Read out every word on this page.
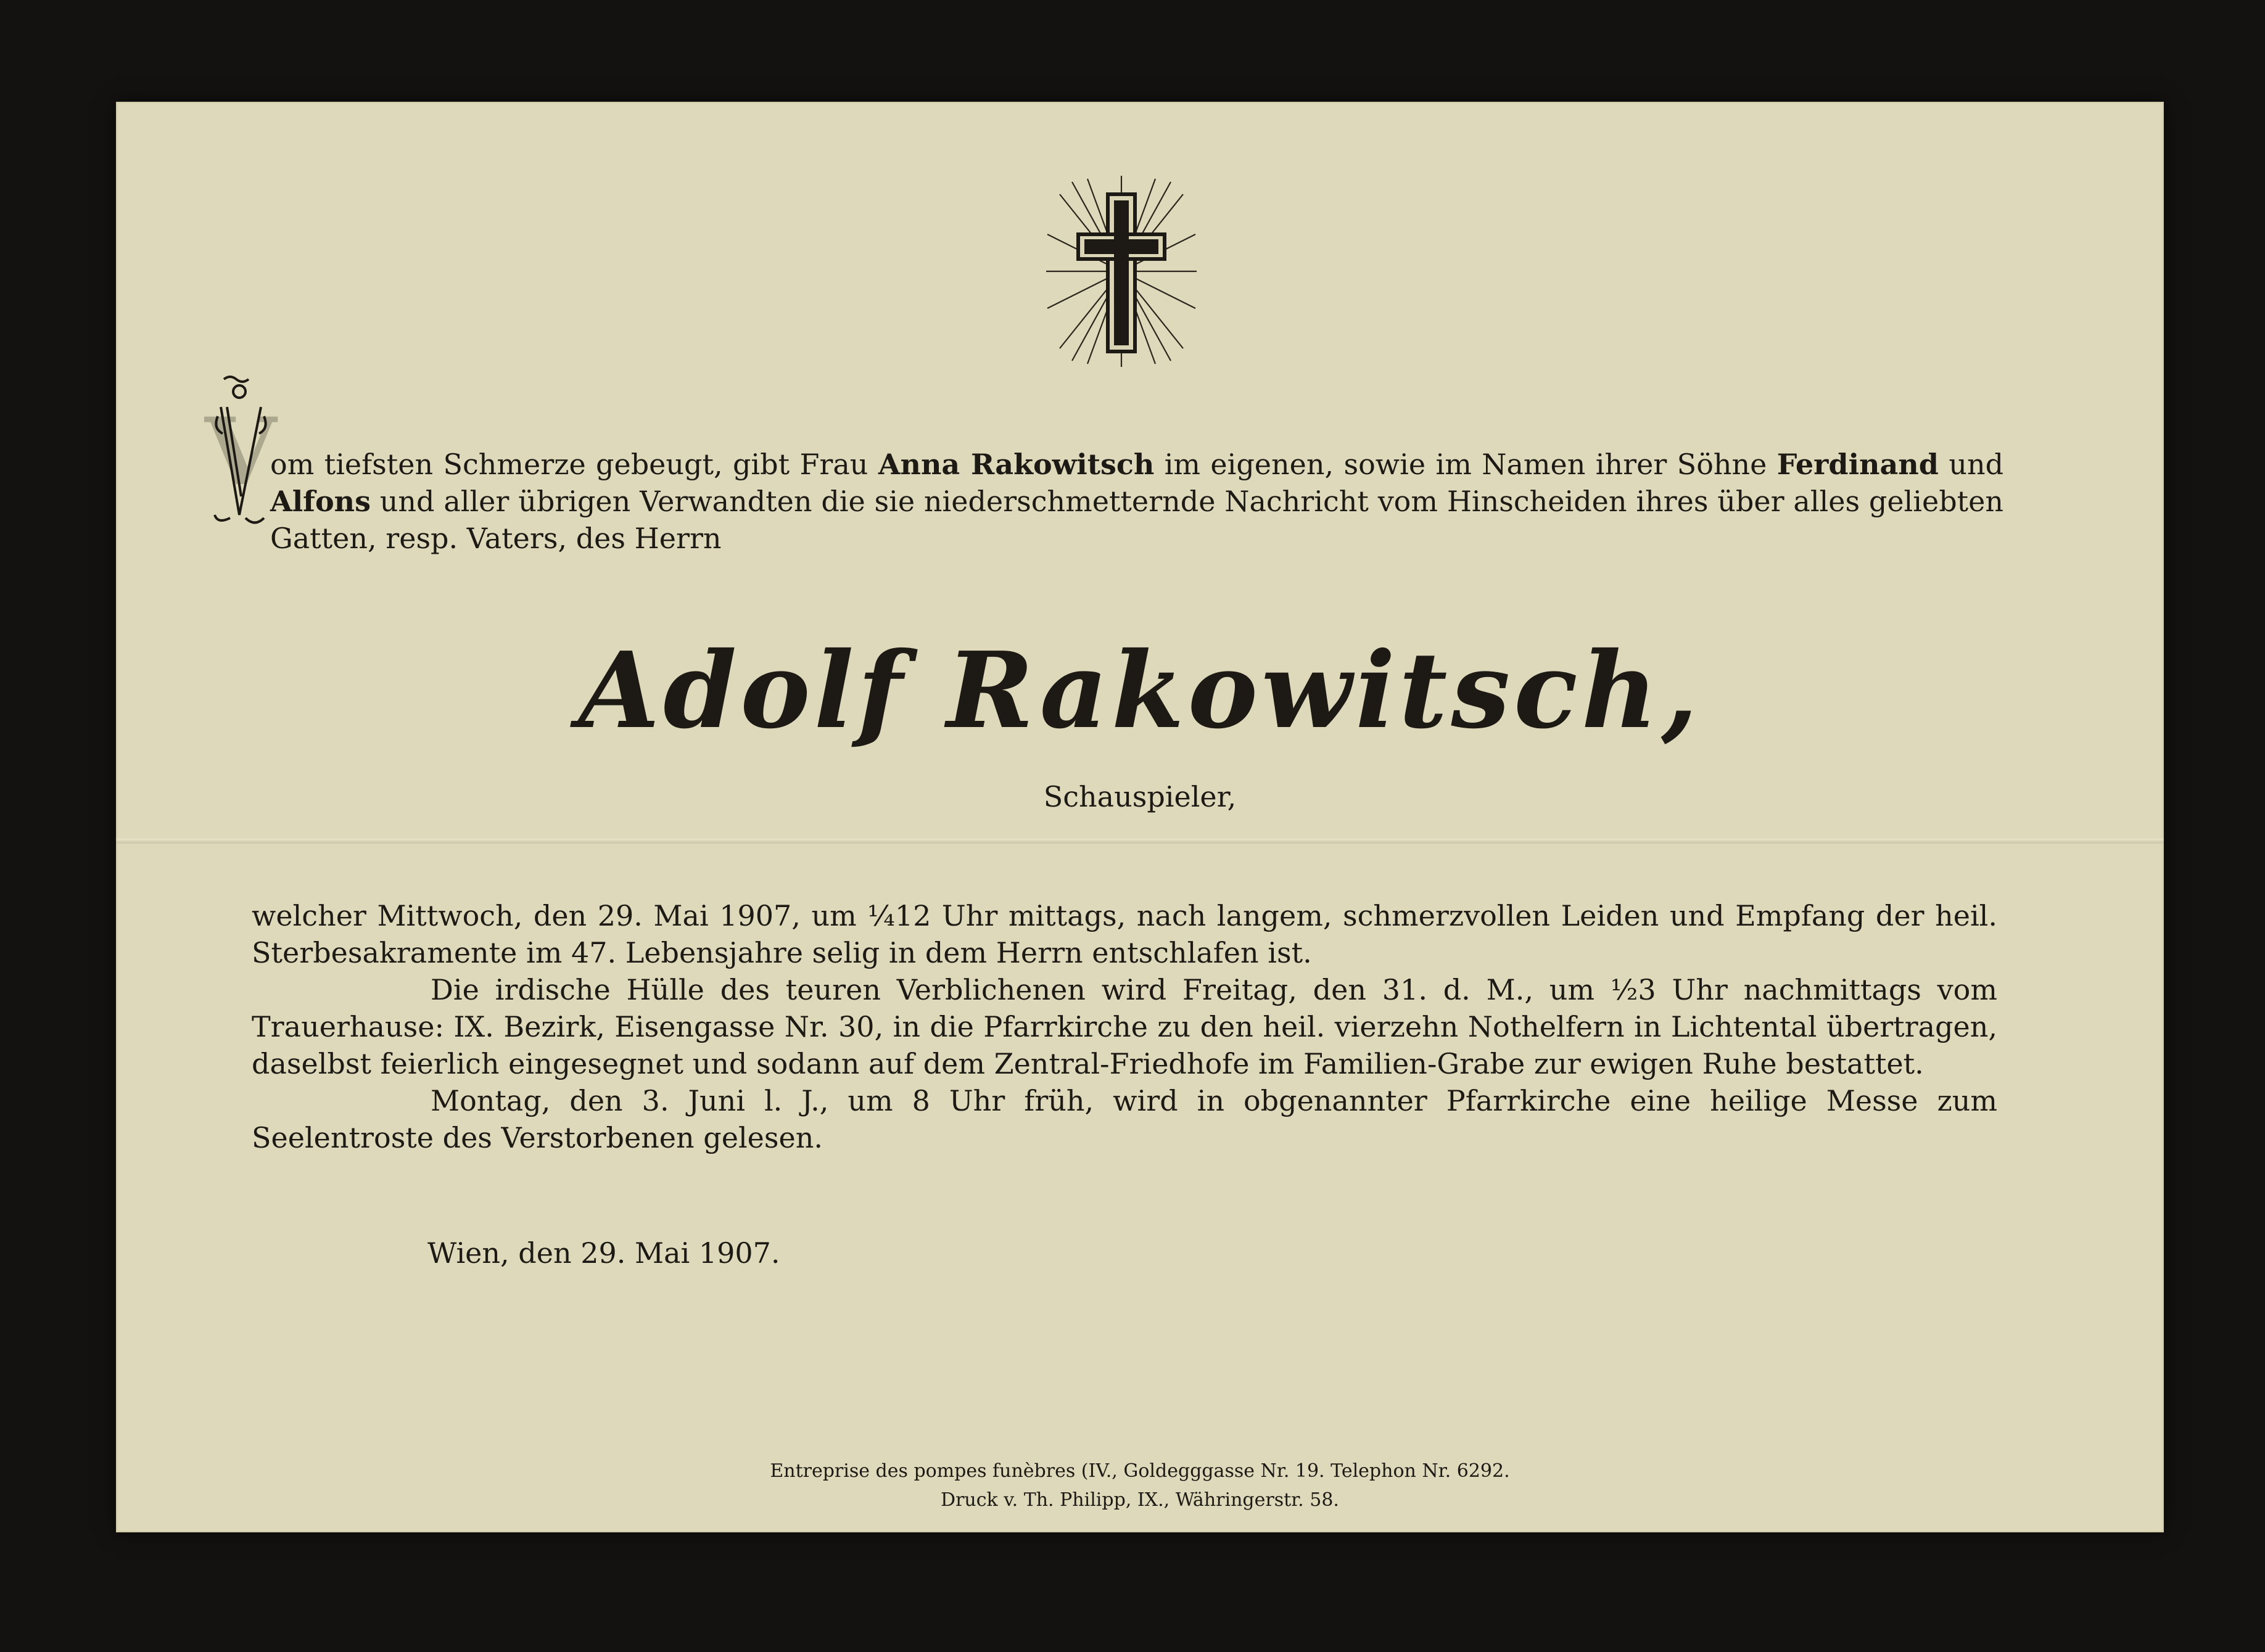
V
om tiefsten Schmerze gebeugt, gibt Frau Anna Rakowitsch im eigenen, sowie im Namen ihrer Söhne Ferdinand und Alfons und aller übrigen Verwandten die sie niederschmetternde Nachricht vom Hinscheiden ihres über alles geliebten Gatten, resp. Vaters, des Herrn
Adolf Rakowitsch,
Schauspieler,
welcher Mittwoch, den 29. Mai 1907, um ¼12 Uhr mittags, nach langem, schmerzvollen Leiden und Empfang der heil. Sterbesakramente im 47. Lebensjahre selig in dem Herrn entschlafen ist.
Die irdische Hülle des teuren Verblichenen wird Freitag, den 31. d. M., um ½3 Uhr nachmittags vom Trauerhause: IX. Bezirk, Eisengasse Nr. 30, in die Pfarrkirche zu den heil. vierzehn Nothelfern in Lichtental übertragen, daselbst feierlich eingesegnet und sodann auf dem Zentral-Friedhofe im Familien-Grabe zur ewigen Ruhe bestattet.
Montag, den 3. Juni l. J., um 8 Uhr früh, wird in obgenannter Pfarrkirche eine heilige Messe zum Seelentroste des Verstorbenen gelesen.
Wien, den 29. Mai 1907.
Entreprise des pompes funèbres (IV., Goldegggasse Nr. 19. Telephon Nr. 6292.
Druck v. Th. Philipp, IX., Währingerstr. 58.
